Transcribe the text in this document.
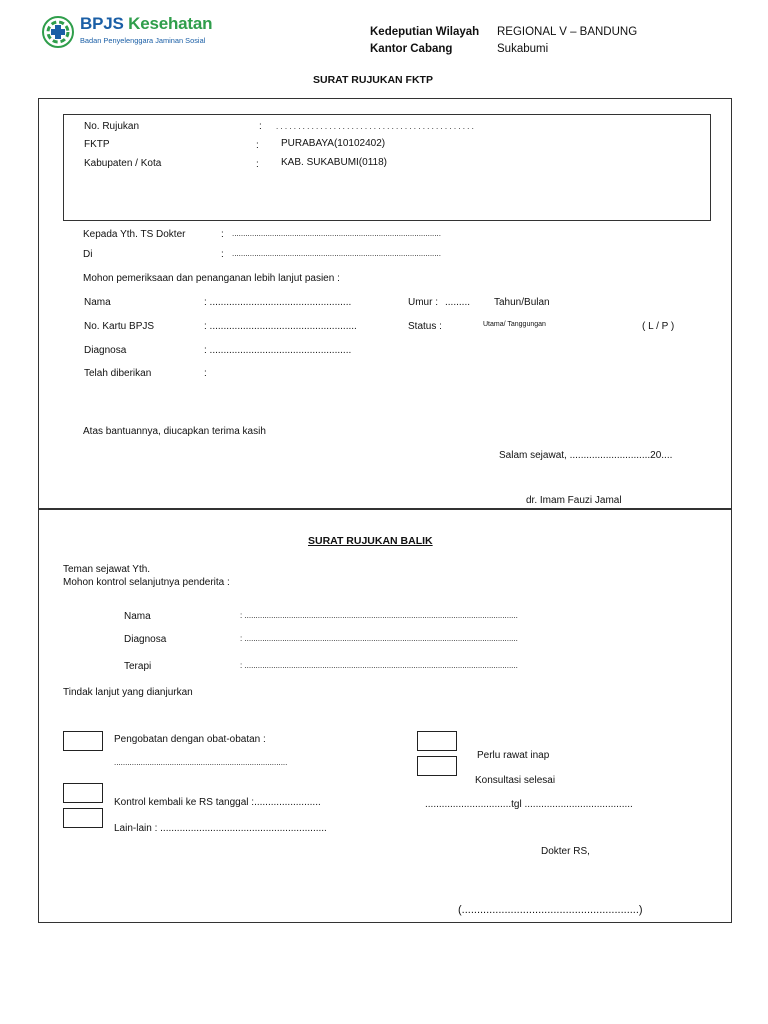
BPJS Kesehatan
Badan Penyelenggara Jaminan Sosial
Kedeputian Wilayah REGIONAL V – BANDUNG
Kantor Cabang	Sukabumi
SURAT RUJUKAN FKTP
No. Rujukan	: . . . . . . . . . . . . . . . . . . . . . . . . . . . . . . . . . . . . . . . . . . . . .
FKTP	: PURABAYA(10102402)
Kabupaten / Kota	: KAB. SUKABUMI(0118)
Kepada Yth. TS Dokter	: ..............................................................................................
Di	: ..............................................................................................
Mohon pemeriksaan dan penanganan lebih lanjut pasien :
Nama	: ...................................................	Umur : ......... Tahun/Bulan
No. Kartu BPJS	: .....................................................	Status :	Utama/ Tanggungan	( L / P )
Diagnosa	: ...................................................
Telah diberikan	:
Atas bantuannya, diucapkan terima kasih
Salam sejawat, .............................20....
dr. Imam Fauzi Jamal
SURAT RUJUKAN BALIK
Teman sejawat Yth.
Mohon kontrol selanjutnya penderita :
Nama	: ...........................................................................................................................
Diagnosa	: ...........................................................................................................................
Terapi	: ...........................................................................................................................
Tindak lanjut yang dianjurkan
Pengobatan dengan obat-obatan :
..............................................................................
Kontrol kembali ke RS tanggal :........................
Lain-lain : ............................................................
Perlu rawat inap
Konsultasi selesai
...............................tgl .......................................
Dokter RS,
(..........................................................)
